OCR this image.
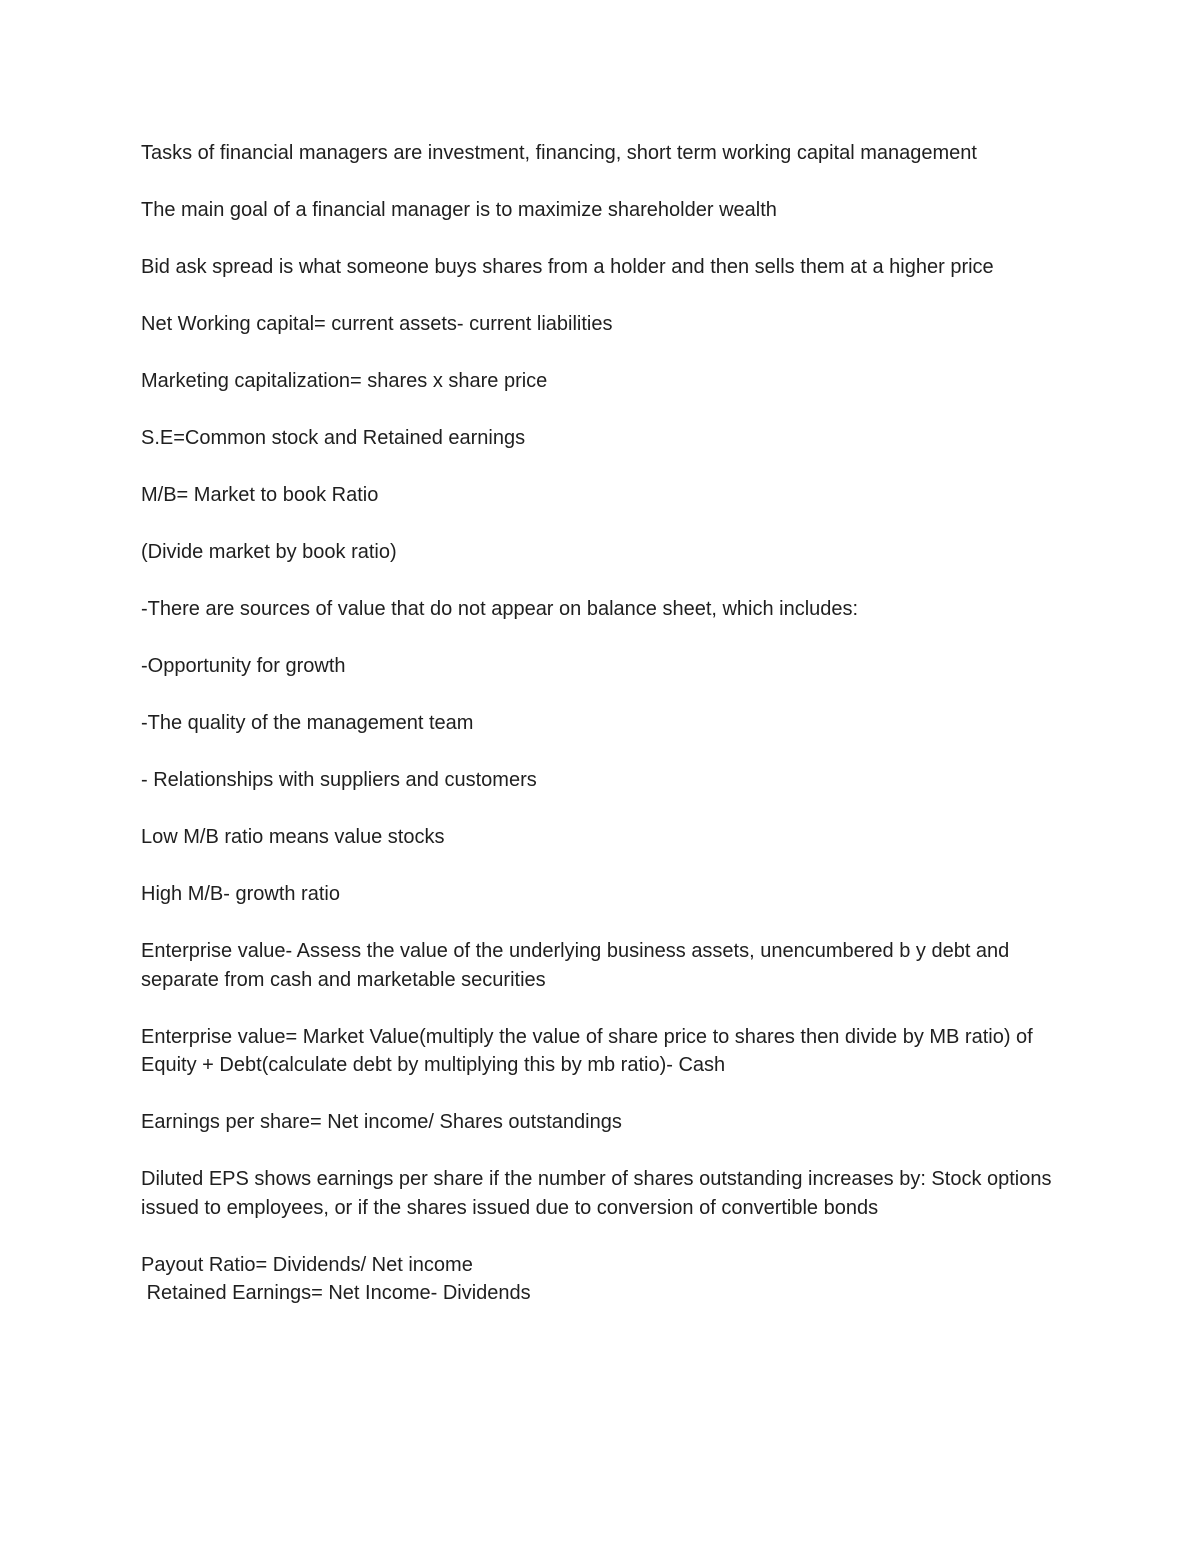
Tasks of financial managers are investment, financing, short term working capital management

The main goal of a financial manager is to maximize shareholder wealth

Bid ask spread is what someone buys shares from a holder and then sells them at a higher price

Net Working capital= current assets- current liabilities

Marketing capitalization= shares x share price

S.E=Common stock and Retained earnings

M/B= Market to book Ratio

(Divide market by book ratio)

-There are sources of value that do not appear on balance sheet, which includes:

-Opportunity for growth

-The quality of the management team

- Relationships with suppliers and customers

Low M/B ratio means value stocks

High M/B- growth ratio

Enterprise value- Assess the value of the underlying business assets, unencumbered b y debt and separate from cash and marketable securities

Enterprise value= Market Value(multiply the value of share price to shares then divide by MB ratio) of Equity + Debt(calculate debt by multiplying this by mb ratio)- Cash

Earnings per share= Net income/ Shares outstandings

Diluted EPS shows earnings per share if the number of shares outstanding increases by: Stock options issued to employees, or if the shares issued due to conversion of convertible bonds

Payout Ratio= Dividends/ Net income

Retained Earnings= Net Income- Dividends
